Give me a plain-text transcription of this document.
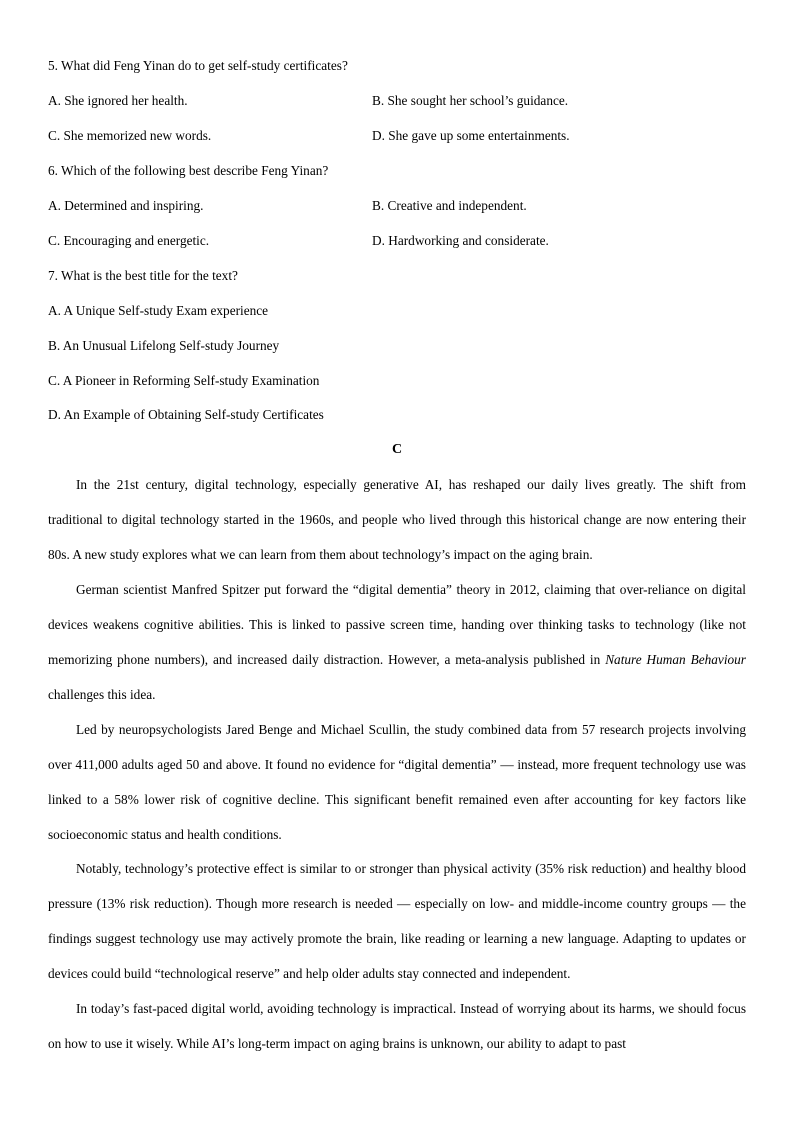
5. What did Feng Yinan do to get self-study certificates?
A. She ignored her health.	B. She sought her school’s guidance.
C. She memorized new words.	D. She gave up some entertainments.
6. Which of the following best describe Feng Yinan?
A. Determined and inspiring.	B. Creative and independent.
C. Encouraging and energetic.	D. Hardworking and considerate.
7. What is the best title for the text?
A. A Unique Self-study Exam experience
B. An Unusual Lifelong Self-study Journey
C. A Pioneer in Reforming Self-study Examination
D. An Example of Obtaining Self-study Certificates
C

In the 21st century, digital technology, especially generative AI, has reshaped our daily lives greatly. The shift from traditional to digital technology started in the 1960s, and people who lived through this historical change are now entering their 80s. A new study explores what we can learn from them about technology’s impact on the aging brain.

German scientist Manfred Spitzer put forward the “digital dementia” theory in 2012, claiming that over-reliance on digital devices weakens cognitive abilities. This is linked to passive screen time, handing over thinking tasks to technology (like not memorizing phone numbers), and increased daily distraction. However, a meta-analysis published in Nature Human Behaviour challenges this idea.

Led by neuropsychologists Jared Benge and Michael Scullin, the study combined data from 57 research projects involving over 411,000 adults aged 50 and above. It found no evidence for “digital dementia” — instead, more frequent technology use was linked to a 58% lower risk of cognitive decline. This significant benefit remained even after accounting for key factors like socioeconomic status and health conditions.

Notably, technology’s protective effect is similar to or stronger than physical activity (35% risk reduction) and healthy blood pressure (13% risk reduction). Though more research is needed — especially on low- and middle-income country groups — the findings suggest technology use may actively promote the brain, like reading or learning a new language. Adapting to updates or devices could build “technological reserve” and help older adults stay connected and independent.

In today’s fast-paced digital world, avoiding technology is impractical. Instead of worrying about its harms, we should focus on how to use it wisely. While AI’s long-term impact on aging brains is unknown, our ability to adapt to past
